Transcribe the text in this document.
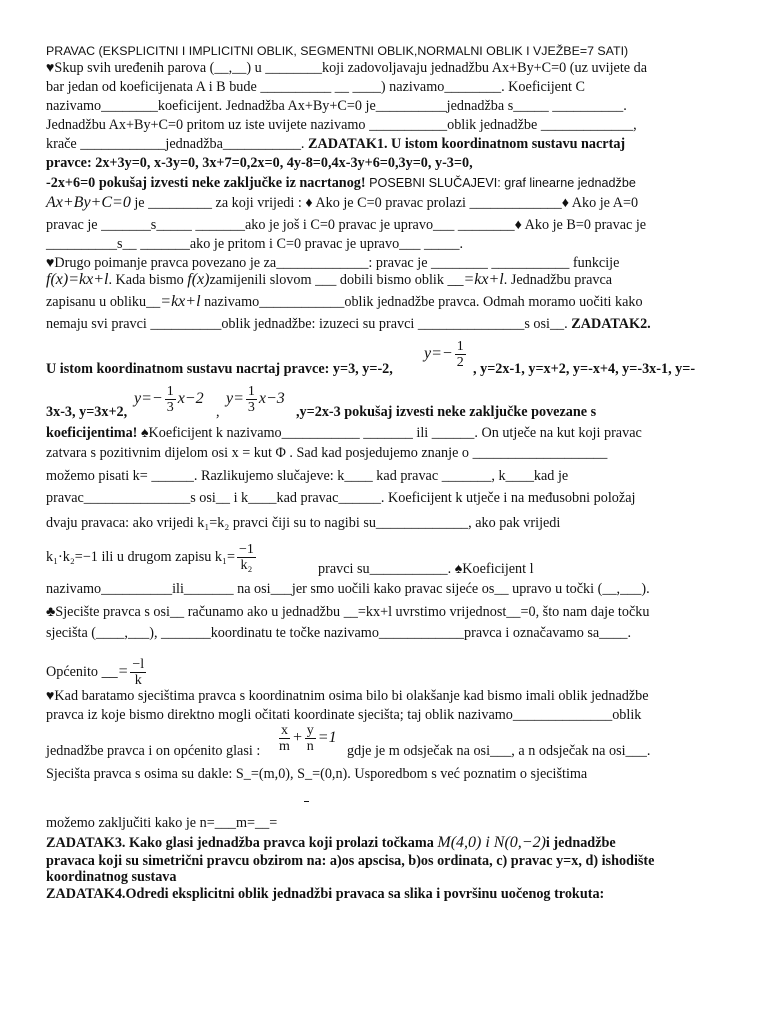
PRAVAC (EKSPLICITNI I IMPLICITNI OBLIK, SEGMENTNI OBLIK,NORMALNI OBLIK I VJEŽBE=7 SATI)
♥Skup svih uređenih parova (__,__) u ________koji zadovoljavaju jednadžbu Ax+By+C=0 (uz uvijete da
bar jedan od koeficijenata A i B bude __________ __ ____) nazivamo________. Koeficijent C
nazivamo________koeficijent. Jednadžba Ax+By+C=0 je__________jednadžba s_____ __________.
Jednadžbu Ax+By+C=0 pritom uz iste uvijete nazivamo ___________oblik jednadžbe _____________,
krače ____________jednadžba___________. ZADATAK1. U istom koordinatnom sustavu nacrtaj
pravce: 2x+3y=0, x-3y=0, 3x+7=0,2x=0, 4y-8=0,4x-3y+6=0,3y=0, y-3=0,
-2x+6=0 pokušaj izvesti neke zaključke iz nacrtanog! POSEBNI SLUČAJEVI: graf linearne jednadžbe
Ax+By+C=0 je _________ za koji vrijedi : ♦ Ako je C=0 pravac prolazi _____________♦ Ako je A=0
pravac je _______s_____ _______ako je još i C=0 pravac je upravo___ ________♦ Ako je B=0 pravac je
__________s__ _______ako je pritom i C=0 pravac je upravo___ _____.
♥Drugo poimanje pravca povezano je za_____________: pravac je ________ ___________ funkcije
f(x)=kx+l. Kada bismo f(x)zamijenili slovom ___ dobili bismo oblik __=kx+l. Jednadžbu pravca
zapisanu u obliku__=kx+l nazivamo____________oblik jednadžbe pravca. Odmah moramo uočiti kako
nemaju svi pravci __________oblik jednadžbe: izuzeci su pravci _______________s osi__. ZADATAK2.
$y=- \frac{1}{2}$
U istom koordinatnom sustavu nacrtaj pravce: y=3, y=-2,	, y=2x-1, y=x+2, y=-x+4, y=-3x-1, y=-
3x-3, y=3x+2,
$y=- \frac{1}{3} x-2$
,
$y= \frac{1}{3} x-3$
,y=2x-3 pokušaj izvesti neke zaključke povezane s
koeficijentima! ♠Koeficijent k nazivamo___________ _______ ili ______. On utječe na kut koji pravac
zatvara s pozitivnim dijelom osi x = kut Φ . Sad kad posjedujemo znanje o ___________________
možemo pisati k= ______. Razlikujemo slučajeve: k____ kad pravac _______, k____kad je
pravac_______________s osi__ i k____kad pravac______. Koeficijent k utječe i na međusobni položaj
dvaju pravaca: ako vrijedi k₁=k₂ pravci čiji su to nagibi su_____________, ako pak vrijedi
k₁·k₂=−1 ili u drugom zapisu $k_1= \frac{-1}{\text{k₂}}$	pravci su___________. ♠Koeficijent l
nazivamo__________ili_______ na osi___jer smo uočili kako pravac sijeće os__ upravo u točki (__,___).
♣Sjecište pravca s osi__ računamo ako u jednadžbu __=kx+l uvrstimo vrijednost__=0, što nam daje točku
sjecišta (____,___), _______koordinatu te točke nazivamo____________pravca i označavamo sa____.
Općenito __= $\frac{-l}{k}$
♥Kad baratamo sjecištima pravca s koordinatnim osima bilo bi olakšanje kad bismo imali oblik jednadžbe
pravca iz koje bismo direktno mogli očitati koordinate sjecišta; taj oblik nazivamo______________oblik
jednadžbe pravca i on općenito glasi : $\frac{x}{m} + \frac{y}{n} =1$
gdje je m odsječak na osi___, a n odsječak na osi___.
Sjecišta pravca s osima su dakle: S_=(m,0), S_=(0,n). Usporedbom s već poznatim o sjecištima
možemo zaključiti kako je n=___m=__=
ZADATAK3. Kako glasi jednadžba pravca koji prolazi točkama M(4,0) i N(0,−2)i jednadžbe
pravaca koji su simetrični pravcu obzirom na: a)os apscisa, b)os ordinata, c) pravac y=x, d) ishodište
koordinatnog sustava
ZADATAK4.Odredi eksplicitni oblik jednadžbi pravaca sa slika i površinu uočenog trokuta:
